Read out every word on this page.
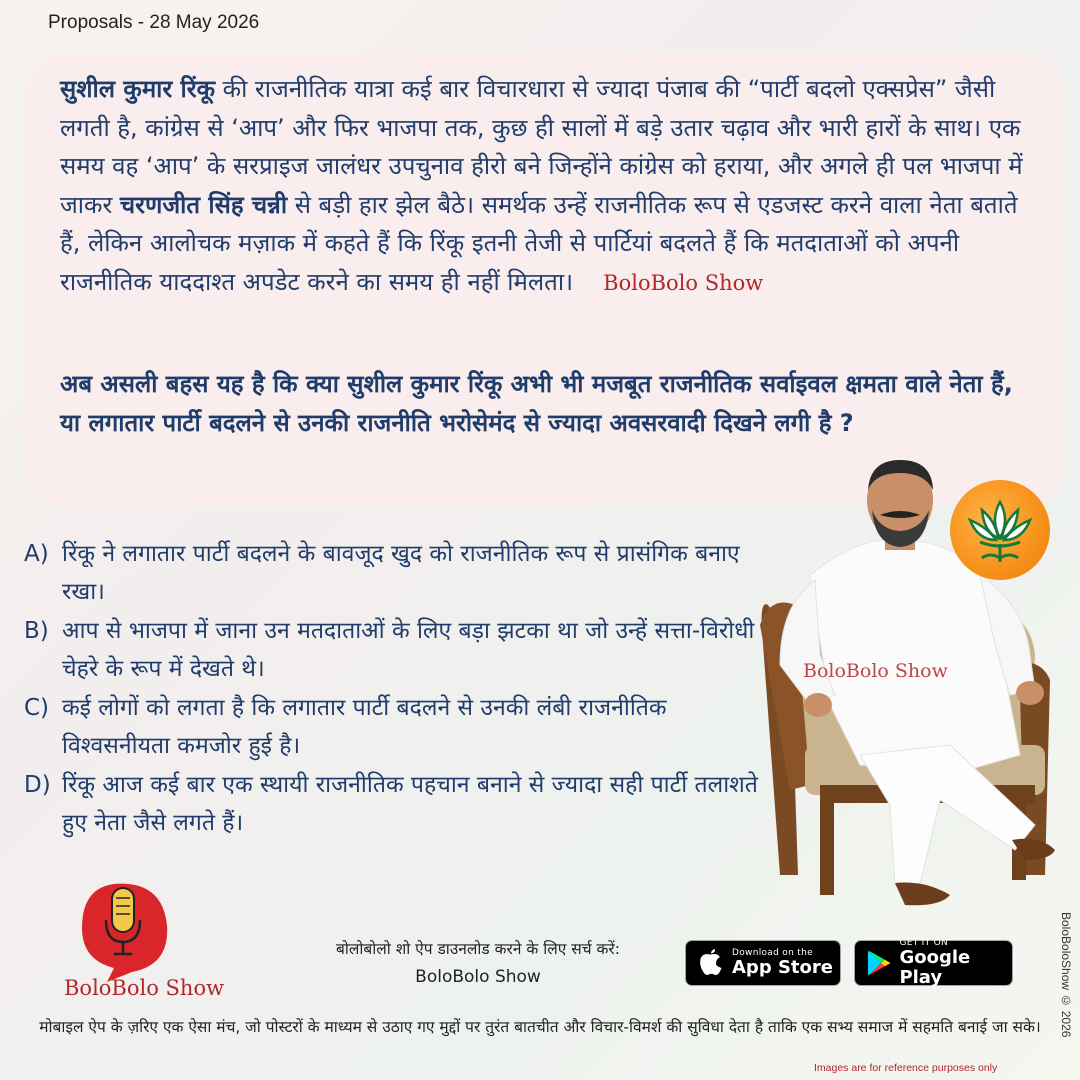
Proposals - 28 May 2026
सुशील कुमार रिंकू की राजनीतिक यात्रा कई बार विचारधारा से ज्यादा पंजाब की “पार्टी बदलो एक्सप्रेस” जैसी लगती है, कांग्रेस से ‘आप’ और फिर भाजपा तक, कुछ ही सालों में बड़े उतार चढ़ाव और भारी हारों के साथ। एक समय वह ‘आप’ के सरप्राइज जालंधर उपचुनाव हीरो बने जिन्होंने कांग्रेस को हराया, और अगले ही पल भाजपा में जाकर चरणजीत सिंह चन्नी से बड़ी हार झेल बैठे। समर्थक उन्हें राजनीतिक रूप से एडजस्ट करने वाला नेता बताते हैं, लेकिन आलोचक मज़ाक में कहते हैं कि रिंकू इतनी तेजी से पार्टियां बदलते हैं कि मतदाताओं को अपनी राजनीतिक याददाश्त अपडेट करने का समय ही नहीं मिलता। BoloBolo Show
अब असली बहस यह है कि क्या सुशील कुमार रिंकू अभी भी मजबूत राजनीतिक सर्वाइवल क्षमता वाले नेता हैं, या लगातार पार्टी बदलने से उनकी राजनीति भरोसेमंद से ज्यादा अवसरवादी दिखने लगी है ?
A) रिंकू ने लगातार पार्टी बदलने के बावजूद खुद को राजनीतिक रूप से प्रासंगिक बनाए रखा।
B) आप से भाजपा में जाना उन मतदाताओं के लिए बड़ा झटका था जो उन्हें सत्ता-विरोधी चेहरे के रूप में देखते थे।
C) कई लोगों को लगता है कि लगातार पार्टी बदलने से उनकी लंबी राजनीतिक विश्वसनीयता कमजोर हुई है।
D) रिंकू आज कई बार एक स्थायी राजनीतिक पहचान बनाने से ज्यादा सही पार्टी तलाशते हुए नेता जैसे लगते हैं।
BoloBolo Show
BoloBoloShow © 2026
BoloBolo Show
बोलोबोलो शो ऐप डाउनलोड करने के लिए सर्च करें:
BoloBolo Show
Download on the
App Store
GET IT ON
Google Play
मोबाइल ऐप के ज़रिए एक ऐसा मंच, जो पोस्टरों के माध्यम से उठाए गए मुद्दों पर तुरंत बातचीत और विचार-विमर्श की सुविधा देता है ताकि एक सभ्य समाज में सहमति बनाई जा सके।
Images are for reference purposes only
